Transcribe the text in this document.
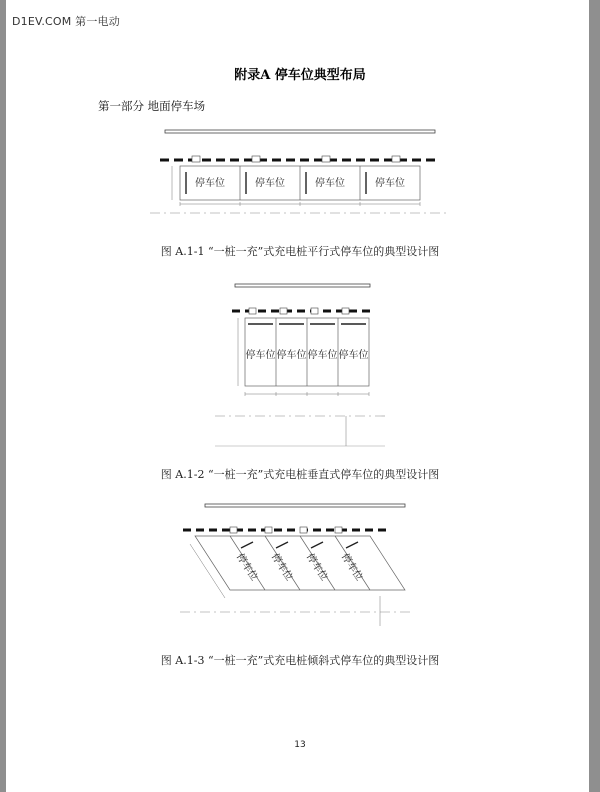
D1EV.COM 第一电动
附录A 停车位典型布局
第一部分 地面停车场
停车位	停车位	停车位	停车位
图 A.1-1 “一桩一充”式充电桩平行式停车位的典型设计图
停车位 停车位 停车位 停车位
图 A.1-2 “一桩一充”式充电桩垂直式停车位的典型设计图
停车位 停车位 停车位 停车位
图 A.1-3 “一桩一充”式充电桩倾斜式停车位的典型设计图
13
